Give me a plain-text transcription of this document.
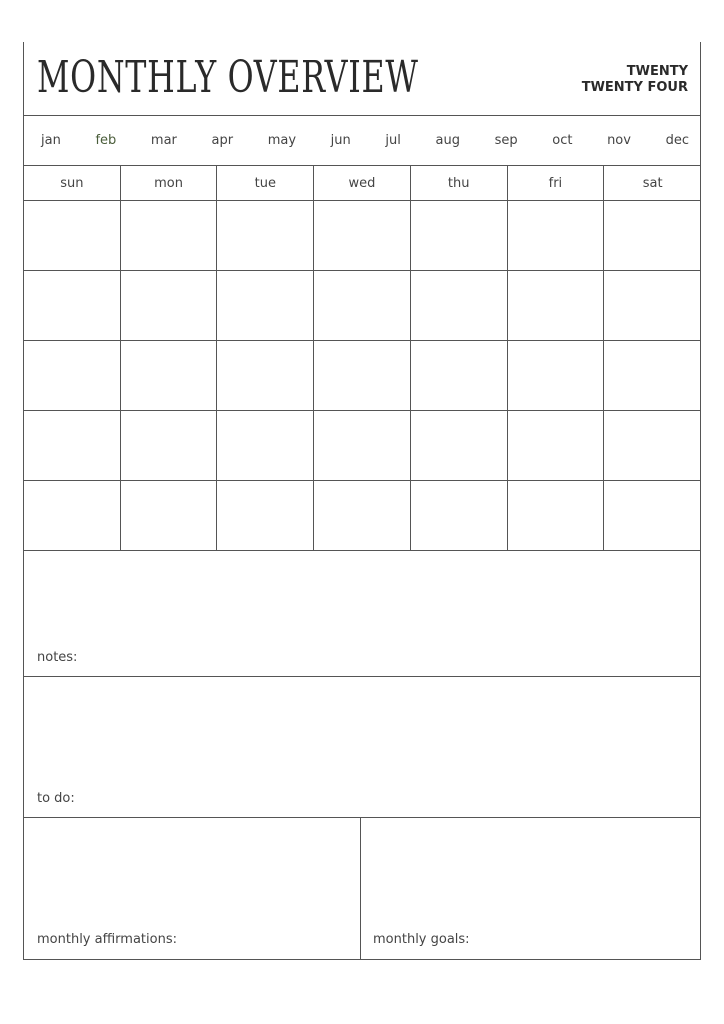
MONTHLY OVERVIEW	TWENTY
TWENTY FOUR
jan	feb	mar	apr	may	jun	jul	aug	sep	oct	nov	dec
sun	mon	tue	wed	thu	fri	sat
notes:
to do:
monthly affirmations:	monthly goals:
